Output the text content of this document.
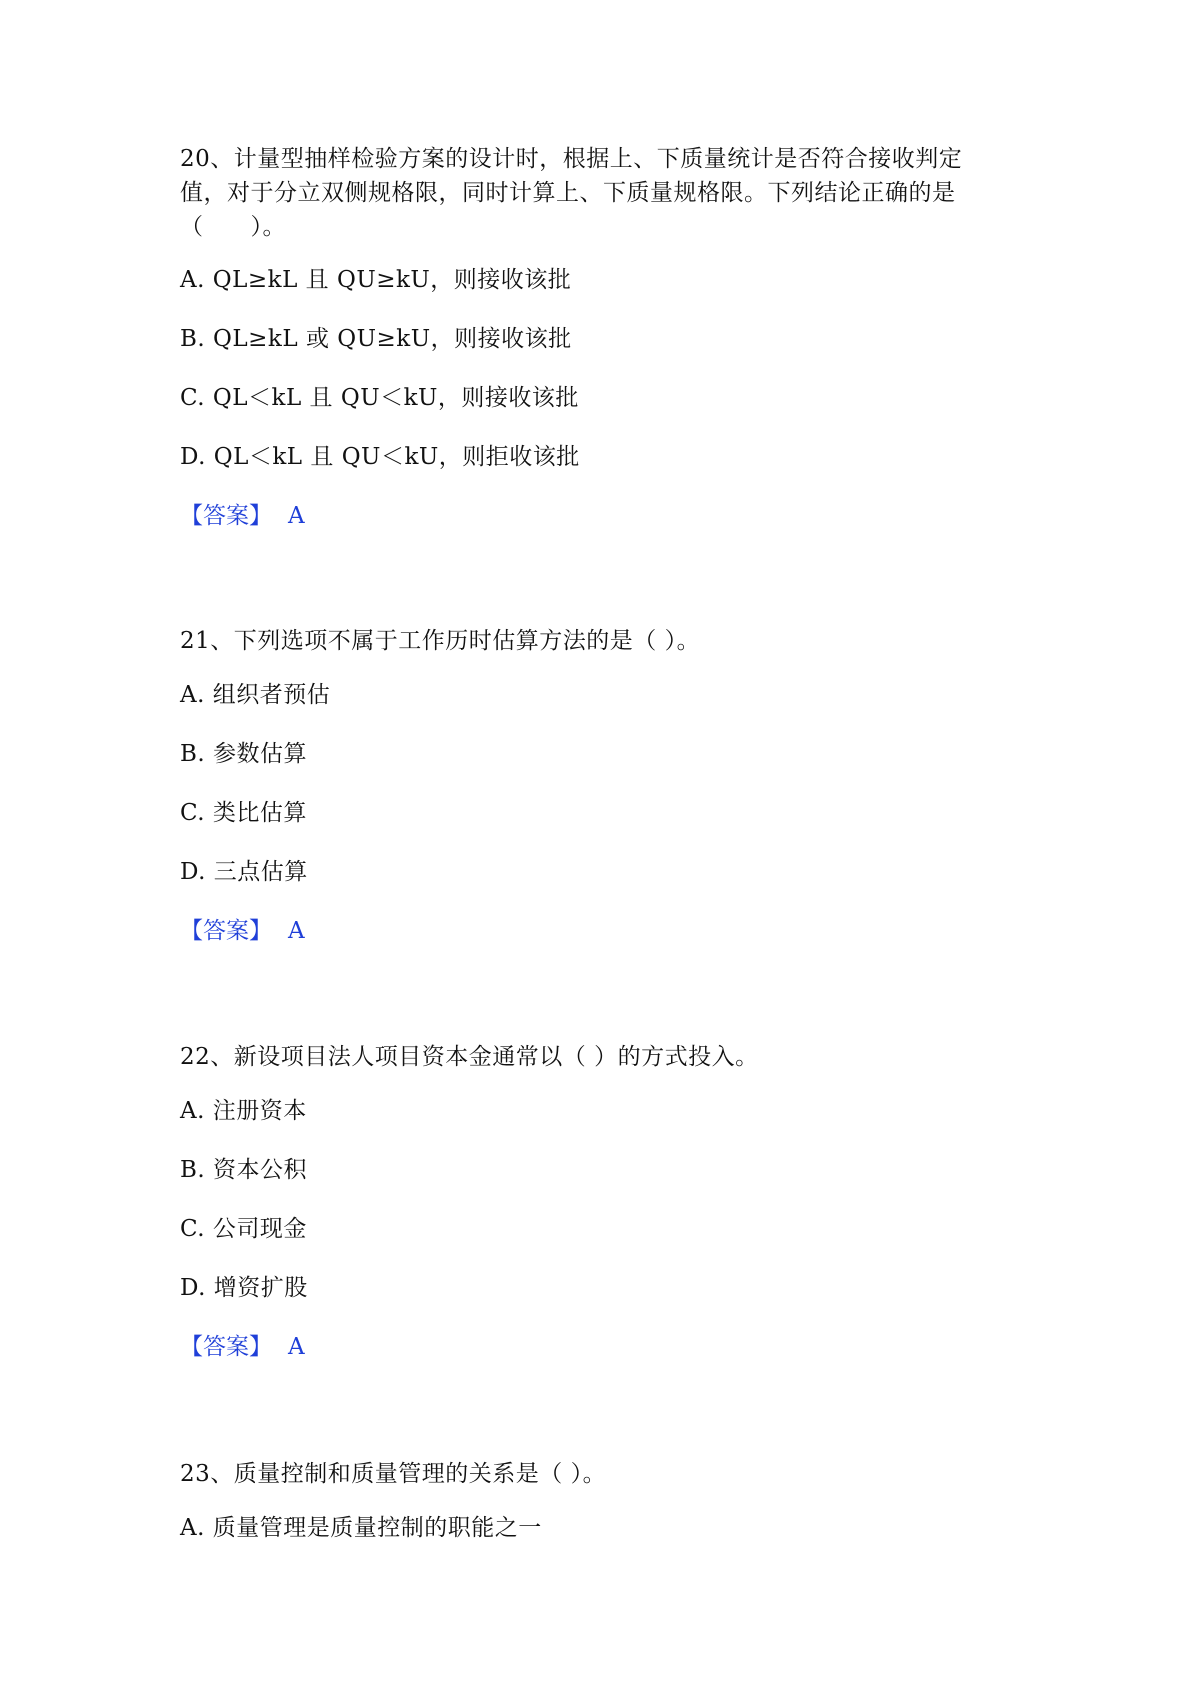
20、计量型抽样检验方案的设计时，根据上、下质量统计是否符合接收判定
值，对于分立双侧规格限，同时计算上、下质量规格限。下列结论正确的是
（　　）。

A. QL≥kL 且 QU≥kU，则接收该批

B. QL≥kL 或 QU≥kU，则接收该批

C. QL＜kL 且 QU＜kU，则接收该批

D. QL＜kL 且 QU＜kU，则拒收该批

【答案】 A

21、下列选项不属于工作历时估算方法的是（ ）。

A. 组织者预估

B. 参数估算

C. 类比估算

D. 三点估算

【答案】 A

22、新设项目法人项目资本金通常以（ ）的方式投入。

A. 注册资本

B. 资本公积

C. 公司现金

D. 增资扩股

【答案】 A

23、质量控制和质量管理的关系是（ ）。

A. 质量管理是质量控制的职能之一
